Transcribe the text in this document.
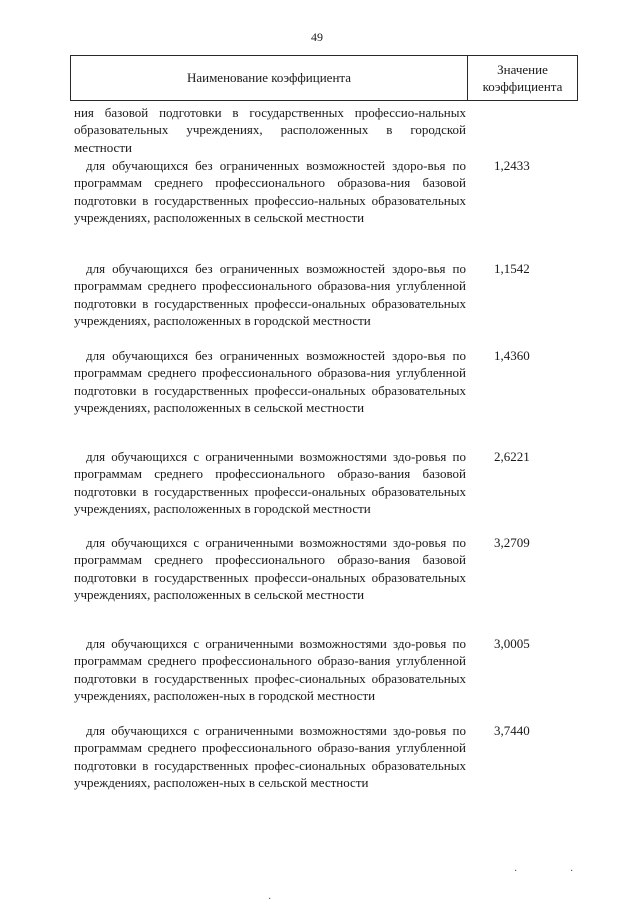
49
Наименование коэффициента
Значение
коэффициента
ния базовой подготовки в государственных профессио-нальных образовательных учреждениях, расположенных в городской местности
для обучающихся без ограниченных возможностей здоро-вья по программам среднего профессионального образова-ния базовой подготовки в государственных профессио-нальных образовательных учреждениях, расположенных в сельской местности
1,2433
для обучающихся без ограниченных возможностей здоро-вья по программам среднего профессионального образова-ния углубленной подготовки в государственных професси-ональных образовательных учреждениях, расположенных в городской местности
1,1542
для обучающихся без ограниченных возможностей здоро-вья по программам среднего профессионального образова-ния углубленной подготовки в государственных професси-ональных образовательных учреждениях, расположенных в сельской местности
1,4360
для обучающихся с ограниченными возможностями здо-ровья по программам среднего профессионального образо-вания базовой подготовки в государственных професси-ональных образовательных учреждениях, расположенных в городской местности
2,6221
для обучающихся с ограниченными возможностями здо-ровья по программам среднего профессионального образо-вания базовой подготовки в государственных професси-ональных образовательных учреждениях, расположенных в сельской местности
3,2709
для обучающихся с ограниченными возможностями здо-ровья по программам среднего профессионального образо-вания углубленной подготовки в государственных профес-сиональных образовательных учреждениях, расположен-ных в городской местности
3,0005
для обучающихся с ограниченными возможностями здо-ровья по программам среднего профессионального образо-вания углубленной подготовки в государственных профес-сиональных образовательных учреждениях, расположен-ных в сельской местности
3,7440
·	·
·
